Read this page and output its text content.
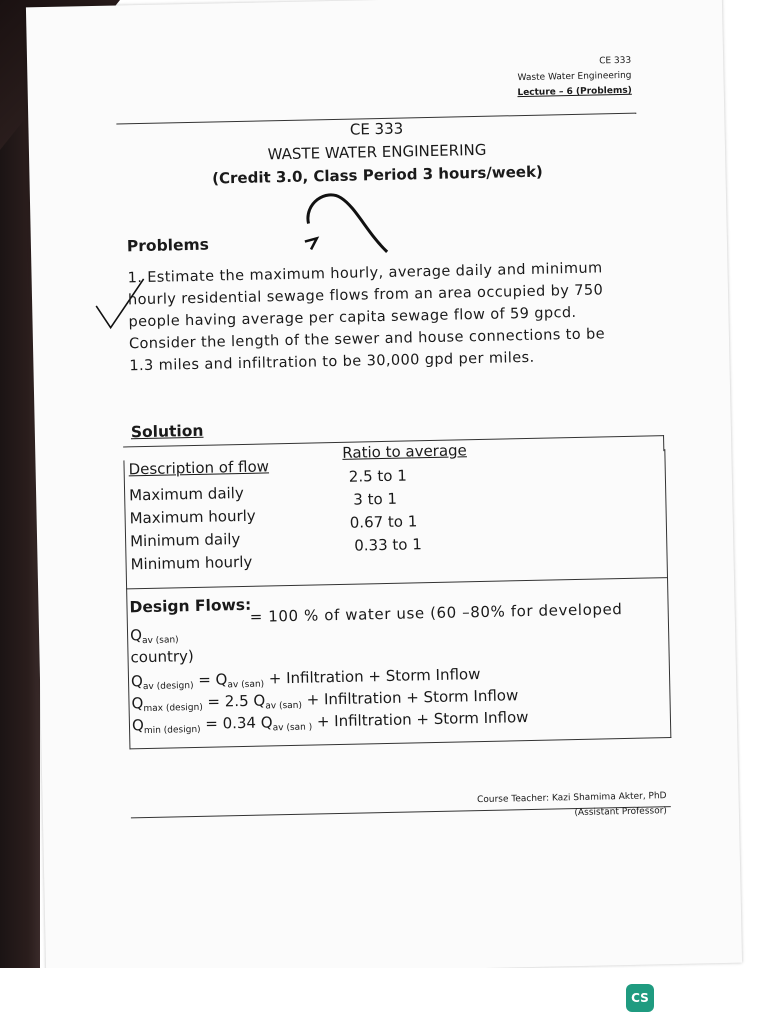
CE 333
Waste Water Engineering
Lecture – 6 (Problems)
CE 333
WASTE WATER ENGINEERING
(Credit 3.0, Class Period 3 hours/week)
Problems
1. Estimate the maximum hourly, average daily and minimum
hourly residential sewage flows from an area occupied by 750
people having average per capita sewage flow of 59 gpcd.
Consider the length of the sewer and house connections to be
1.3 miles and infiltration to be 30,000 gpd per miles.
Solution
Description of flow
Ratio to average
Maximum daily
2.5 to 1
Maximum hourly
3 to 1
Minimum daily
0.67 to 1
Minimum hourly
0.33 to 1
Design Flows:
$Q_{av (san)}$
= 100 % of water use (60 –80% for developed
country)
$Q_{av (design)} = Q_{av (san)}$ + Infiltration + Storm Inflow
$Q_{max (design)} = 2.5$ $Q_{av (san)}$ + Infiltration + Storm Inflow
$Q_{min (design)} = 0.34$ $Q_{av (san )}$ + Infiltration + Storm Inflow
Course Teacher: Kazi Shamima Akter, PhD
(Assistant Professor)
CS
